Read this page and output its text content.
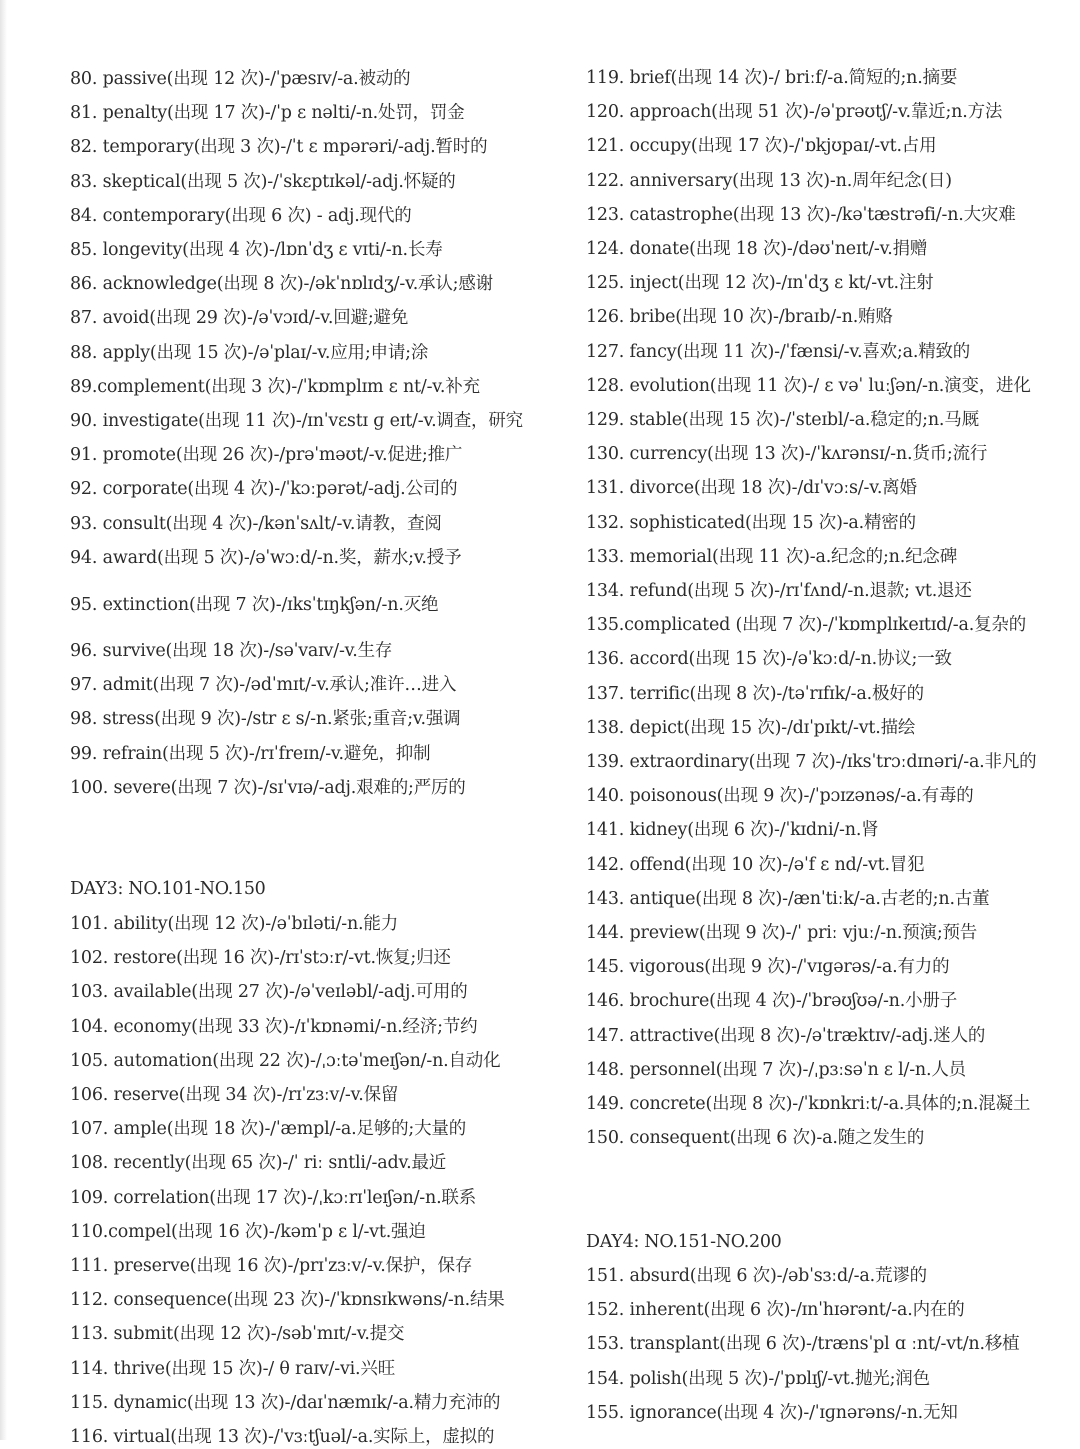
80. passive(出现 12 次)-/ˈpæsɪv/-a.被动的
81. penalty(出现 17 次)-/ˈp ɛ nəlti/-n.处罚，罚金
82. temporary(出现 3 次)-/ˈt ɛ mpərəri/-adj.暂时的
83. skeptical(出现 5 次)-/ˈskɛptɪkəl/-adj.怀疑的
84. contemporary(出现 6 次) - adj.现代的
85. longevity(出现 4 次)-/lɒnˈdʒ ɛ vɪti/-n.长寿
86. acknowledge(出现 8 次)-/əkˈnɒlɪdʒ/-v.承认;感谢
87. avoid(出现 29 次)-/əˈvɔɪd/-v.回避;避免
88. apply(出现 15 次)-/əˈplaɪ/-v.应用;申请;涂
89.complement(出现 3 次)-/ˈkɒmplɪm ɛ nt/-v.补充
90. investigate(出现 11 次)-/ɪnˈvɛstɪ ɡ eɪt/-v.调查，研究
91. promote(出现 26 次)-/prəˈməʊt/-v.促进;推广
92. corporate(出现 4 次)-/ˈkɔːpərət/-adj.公司的
93. consult(出现 4 次)-/kənˈsʌlt/-v.请教，查阅
94. award(出现 5 次)-/əˈwɔːd/-n.奖，薪水;v.授予
95. extinction(出现 7 次)-/ɪksˈtɪŋkʃən/-n.灭绝
96. survive(出现 18 次)-/səˈvaɪv/-v.生存
97. admit(出现 7 次)-/ədˈmɪt/-v.承认;准许…进入
98. stress(出现 9 次)-/str ɛ s/-n.紧张;重音;v.强调
99. refrain(出现 5 次)-/rɪˈfreɪn/-v.避免，抑制
100. severe(出现 7 次)-/sɪˈvɪə/-adj.艰难的;严厉的
DAY3: NO.101-NO.150
101. ability(出现 12 次)-/əˈbɪləti/-n.能力
102. restore(出现 16 次)-/rɪˈstɔːr/-vt.恢复;归还
103. available(出现 27 次)-/əˈveɪləbl/-adj.可用的
104. economy(出现 33 次)-/ɪˈkɒnəmi/-n.经济;节约
105. automation(出现 22 次)-/ˌɔːtəˈmeɪʃən/-n.自动化
106. reserve(出现 34 次)-/rɪˈzɜːv/-v.保留
107. ample(出现 18 次)-/ˈæmpl/-a.足够的;大量的
108. recently(出现 65 次)-/ˈ riː sntli/-adv.最近
109. correlation(出现 17 次)-/ˌkɔːrɪˈleɪʃən/-n.联系
110.compel(出现 16 次)-/kəmˈp ɛ l/-vt.强迫
111. preserve(出现 16 次)-/prɪˈzɜːv/-v.保护，保存
112. consequence(出现 23 次)-/ˈkɒnsɪkwəns/-n.结果
113. submit(出现 12 次)-/səbˈmɪt/-v.提交
114. thrive(出现 15 次)-/ θ raɪv/-vi.兴旺
115. dynamic(出现 13 次)-/daɪˈnæmɪk/-a.精力充沛的
116. virtual(出现 13 次)-/ˈvɜːtʃuəl/-a.实际上，虚拟的
119. brief(出现 14 次)-/ briːf/-a.简短的;n.摘要
120. approach(出现 51 次)-/əˈprəʊtʃ/-v.靠近;n.方法
121. occupy(出现 17 次)-/ˈɒkjʊpaɪ/-vt.占用
122. anniversary(出现 13 次)-n.周年纪念(日)
123. catastrophe(出现 13 次)-/kəˈtæstrəfi/-n.大灾难
124. donate(出现 18 次)-/dəʊˈneɪt/-v.捐赠
125. inject(出现 12 次)-/ɪnˈdʒ ɛ kt/-vt.注射
126. bribe(出现 10 次)-/braɪb/-n.贿赂
127. fancy(出现 11 次)-/ˈfænsi/-v.喜欢;a.精致的
128. evolution(出现 11 次)-/ ɛ vəˈ luːʃən/-n.演变，进化
129. stable(出现 15 次)-/ˈsteɪbl/-a.稳定的;n.马厩
130. currency(出现 13 次)-/ˈkʌrənsɪ/-n.货币;流行
131. divorce(出现 18 次)-/dɪˈvɔːs/-v.离婚
132. sophisticated(出现 15 次)-a.精密的
133. memorial(出现 11 次)-a.纪念的;n.纪念碑
134. refund(出现 5 次)-/rɪˈfʌnd/-n.退款; vt.退还
135.complicated (出现 7 次)-/ˈkɒmplɪkeɪtɪd/-a.复杂的
136. accord(出现 15 次)-/əˈkɔːd/-n.协议;一致
137. terrific(出现 8 次)-/təˈrɪfɪk/-a.极好的
138. depict(出现 15 次)-/dɪˈpɪkt/-vt.描绘
139. extraordinary(出现 7 次)-/ɪksˈtrɔːdɪnəri/-a.非凡的
140. poisonous(出现 9 次)-/ˈpɔɪzənəs/-a.有毒的
141. kidney(出现 6 次)-/ˈkɪdni/-n.肾
142. offend(出现 10 次)-/əˈf ɛ nd/-vt.冒犯
143. antique(出现 8 次)-/ænˈtiːk/-a.古老的;n.古董
144. preview(出现 9 次)-/ˈ priː vjuː/-n.预演;预告
145. vigorous(出现 9 次)-/ˈvɪɡərəs/-a.有力的
146. brochure(出现 4 次)-/ˈbrəʊʃʊə/-n.小册子
147. attractive(出现 8 次)-/əˈtræktɪv/-adj.迷人的
148. personnel(出现 7 次)-/ˌpɜːsəˈn ɛ l/-n.人员
149. concrete(出现 8 次)-/ˈkɒnkriːt/-a.具体的;n.混凝土
150. consequent(出现 6 次)-a.随之发生的
DAY4: NO.151-NO.200
151. absurd(出现 6 次)-/əbˈsɜːd/-a.荒谬的
152. inherent(出现 6 次)-/ɪnˈhɪərənt/-a.内在的
153. transplant(出现 6 次)-/trænsˈpl ɑ ːnt/-vt/n.移植
154. polish(出现 5 次)-/ˈpɒlɪʃ/-vt.抛光;润色
155. ignorance(出现 4 次)-/ˈɪɡnərəns/-n.无知
